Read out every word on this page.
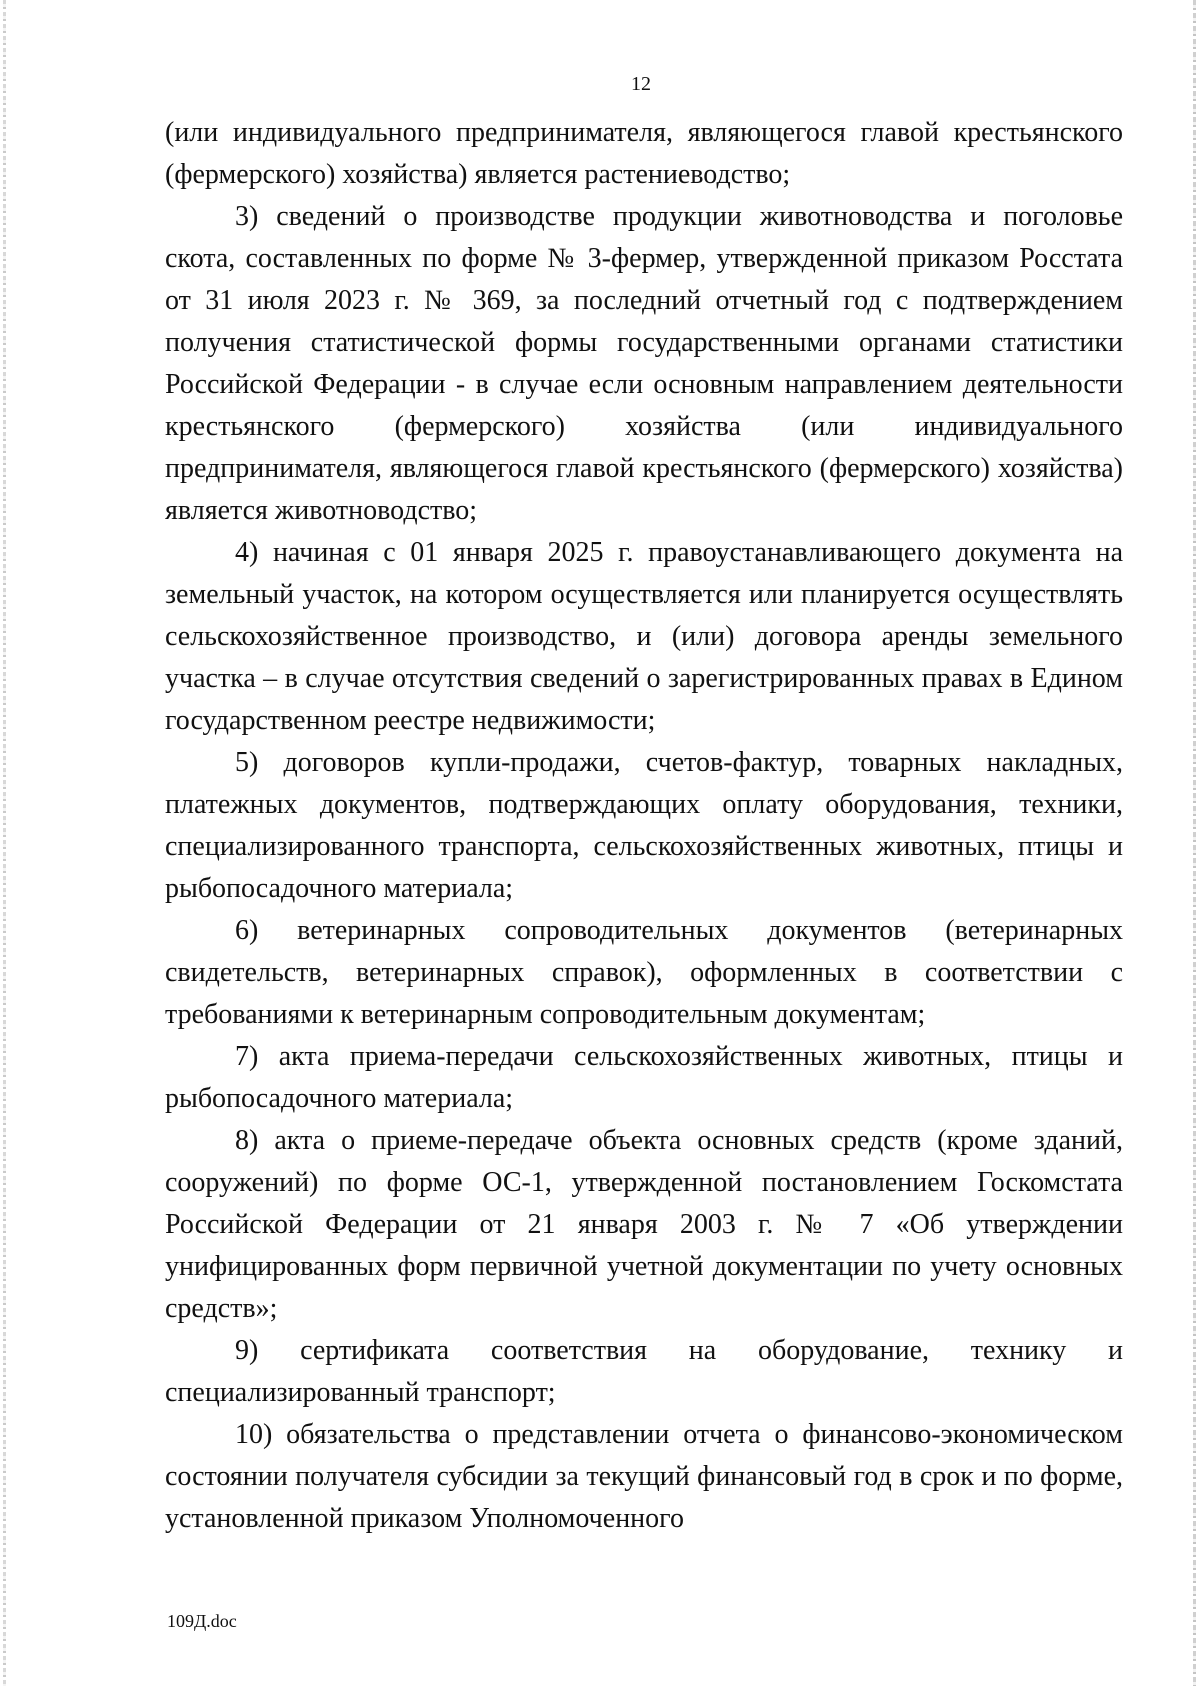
12

(или индивидуального предпринимателя, являющегося главой крестьянского (фермерского) хозяйства) является растениеводство;

3) сведений о производстве продукции животноводства и поголовье скота, составленных по форме № 3-фермер, утвержденной приказом Росстата от 31 июля 2023 г. № 369, за последний отчетный год с подтверждением получения статистической формы государственными органами статистики Российской Федерации - в случае если основным направлением деятельности крестьянского (фермерского) хозяйства (или индивидуального предпринимателя, являющегося главой крестьянского (фермерского) хозяйства) является животноводство;

4) начиная с 01 января 2025 г. правоустанавливающего документа на земельный участок, на котором осуществляется или планируется осуществлять сельскохозяйственное производство, и (или) договора аренды земельного участка – в случае отсутствия сведений о зарегистрированных правах в Едином государственном реестре недвижимости;

5) договоров купли-продажи, счетов-фактур, товарных накладных, платежных документов, подтверждающих оплату оборудования, техники, специализированного транспорта, сельскохозяйственных животных, птицы и рыбопосадочного материала;

6) ветеринарных сопроводительных документов (ветеринарных свидетельств, ветеринарных справок), оформленных в соответствии с требованиями к ветеринарным сопроводительным документам;

7) акта приема-передачи сельскохозяйственных животных, птицы и рыбопосадочного материала;

8) акта о приеме-передаче объекта основных средств (кроме зданий, сооружений) по форме ОС-1, утвержденной постановлением Госкомстата Российской Федерации от 21 января 2003 г. № 7 «Об утверждении унифицированных форм первичной учетной документации по учету основных средств»;

9) сертификата соответствия на оборудование, технику и специализированный транспорт;

10) обязательства о представлении отчета о финансово-экономическом состоянии получателя субсидии за текущий финансовый год в срок и по форме, установленной приказом Уполномоченного

109Д.doc
